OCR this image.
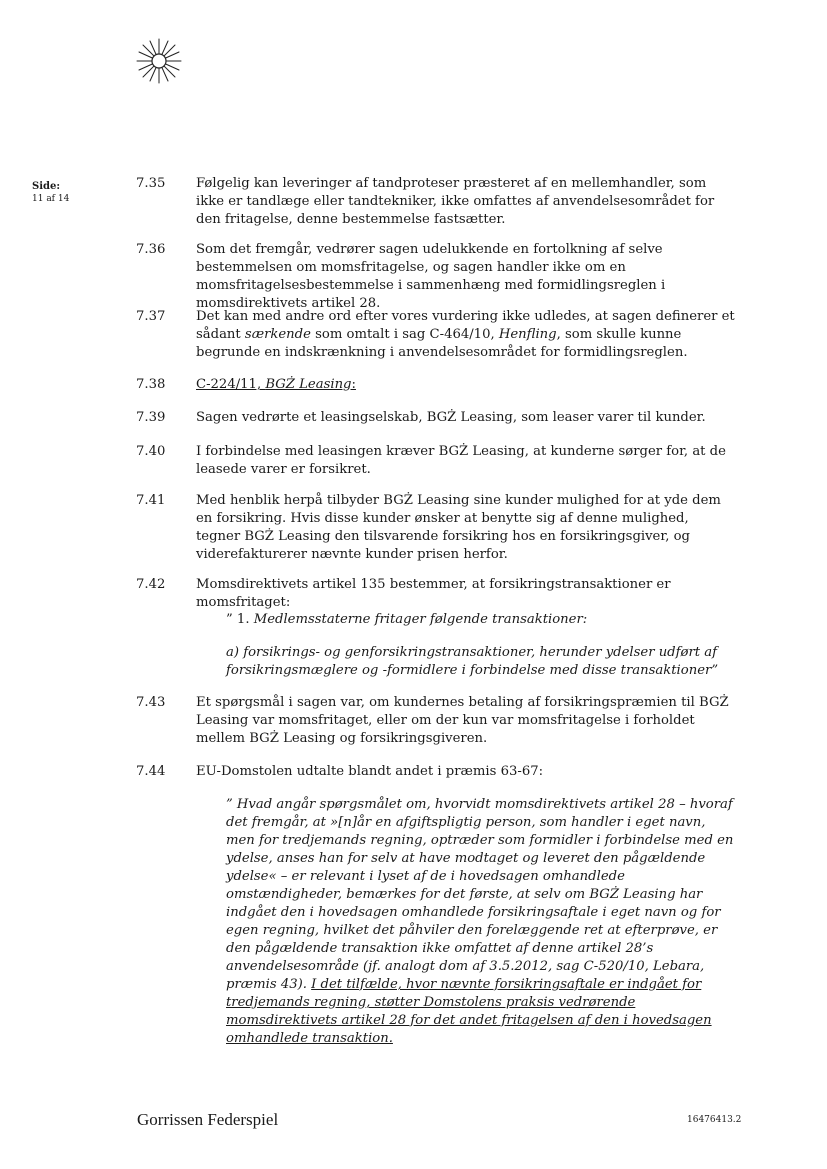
Side:
11 af 14
7.35	Følgelig kan leveringer af tandproteser præsteret af en mellemhandler, som ikke er tandlæge eller tandtekniker, ikke omfattes af anvendelsesområdet for den fritagelse, denne bestemmelse fastsætter.
7.36	Som det fremgår, vedrører sagen udelukkende en fortolkning af selve bestemmelsen om momsfritagelse, og sagen handler ikke om en momsfritagelsesbestemmelse i sammenhæng med formidlingsreglen i momsdirektivets artikel 28.
7.37	Det kan med andre ord efter vores vurdering ikke udledes, at sagen definerer et sådant særkende som omtalt i sag C-464/10, Henfling, som skulle kunne begrunde en indskrænkning i anvendelsesområdet for formidlingsreglen.
7.38	C-224/11, BGŻ Leasing:
7.39	Sagen vedrørte et leasingselskab, BGŻ Leasing, som leaser varer til kunder.
7.40	I forbindelse med leasingen kræver BGŻ Leasing, at kunderne sørger for, at de leasede varer er forsikret.
7.41	Med henblik herpå tilbyder BGŻ Leasing sine kunder mulighed for at yde dem en forsikring. Hvis disse kunder ønsker at benytte sig af denne mulighed, tegner BGŻ Leasing den tilsvarende forsikring hos en forsikringsgiver, og viderefakturerer nævnte kunder prisen herfor.
7.42	Momsdirektivets artikel 135 bestemmer, at forsikringstransaktioner er momsfritaget:
” 1. Medlemsstaterne fritager følgende transaktioner:
a) forsikrings- og genforsikringstransaktioner, herunder ydelser udført af forsikringsmæglere og -formidlere i forbindelse med disse transaktioner”
7.43	Et spørgsmål i sagen var, om kundernes betaling af forsikringspræmien til BGŻ Leasing var momsfritaget, eller om der kun var momsfritagelse i forholdet mellem BGŻ Leasing og forsikringsgiveren.
7.44	EU-Domstolen udtalte blandt andet i præmis 63-67:
” Hvad angår spørgsmålet om, hvorvidt momsdirektivets artikel 28 – hvoraf det fremgår, at »[n]år en afgiftspligtig person, som handler i eget navn, men for tredjemands regning, optræder som formidler i forbindelse med en ydelse, anses han for selv at have modtaget og leveret den pågældende ydelse« – er relevant i lyset af de i hovedsagen omhandlede omstændigheder, bemærkes for det første, at selv om BGŻ Leasing har indgået den i hovedsagen omhandlede forsikringsaftale i eget navn og for egen regning, hvilket det påhviler den forelæggende ret at efterprøve, er den pågældende transaktion ikke omfattet af denne artikel 28’s anvendelsesområde (jf. analogt dom af 3.5.2012, sag C-520/10, Lebara, præmis 43). I det tilfælde, hvor nævnte forsikringsaftale er indgået for tredjemands regning, støtter Domstolens praksis vedrørende momsdirektivets artikel 28 for det andet fritagelsen af den i hovedsagen omhandlede transaktion.
Gorrissen Federspiel	16476413.2
